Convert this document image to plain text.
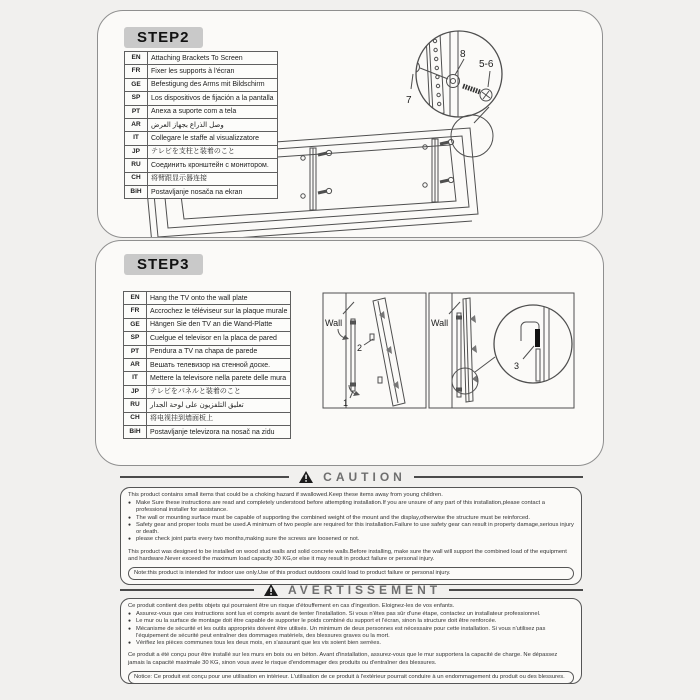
7
8
5-6
STEP2
EN	Attaching Brackets To Screen
FR	Fixer les supports à l'écran
GE	Befestigung des Arms mit Bildschirm
SP	Los dispositivos de fijación a la pantalla
PT	Anexa a suporte com a tela
AR	وصل الذراع بجهاز العرض
IT	Collegare le staffe al visualizzatore
JP	テレビを支柱と装着のこと
RU	Соединить кронштейн с монитором.
CH	将臂跟显示器连接
BiH	Postavljanje nosača na ekran
Wall	Wall
1
2
3
STEP3
EN	Hang the TV onto the wall plate
FR	Accrochez le téléviseur sur la plaque murale
GE	Hängen Sie den TV an die Wand-Platte
SP	Cuelgue el televisor en la placa de pared
PT	Pendura a TV na chapa de parede
AR	Вешать телевизор на стенной доске.
IT	Mettere la televisore nella parete delle mura
JP	テレビをパネルと装着のこと
RU	تعليق التلفزيون على لوحة الجدار
CH	将电视挂到墙面板上
BiH	Postavljanje televizora na nosač na zidu
CAUTION
This product contains small items that could be a choking hazard if swallowed.Keep these items away from young children.
● Make Sure these instructions are read and completely understood before attempting installation.If you are unsure of any part of this installation,please contact a professional installer for assistance.
● The wall or mounting surface must be capable of supporting the combined weight of the mount and the display,otherwise the structure must be reinforced.
● Safety gear and proper tools must be used.A minimum of two people are required for this installation.Failure to use safety gear can result in property damage,serious injury or death.
● please check joint parts every two months,making sure the screws are loosened or not.
This product was designed to be installed on wood stud walls and solid concrete walls.Before installing, make sure the wall will support the combined load of the equipment and hardware.Never exceed the maximum load capacity 30 KG,or else it may result in product failure or personal injury.
Note:this product is intended for indoor use only.Use of this product outdoors could load to product failure or personal injury.
AVERTISSEMENT
Ce produit contient des petits objets qui pourraient être un risque d'étouffement en cas d'ingestion. Eloignez-les de vos enfants.
● Assurez-vous que ces instructions sont lus et compris avant de tenter l'installation. Si vous n'êtes pas sûr d'une étape, contactez un installateur professionnel.
● Le mur ou la surface de montage doit être capable de supporter le poids combiné du support et l'écran, sinon la structure doit être renforcée.
● Mécanisme de sécurité et les outils appropriés doivent être utilisés. Un minimum de deux personnes est nécessaire pour cette installation. Si vous n'utilisez pas l'équipement de sécurité peut entraîner des dommages matériels, des blessures graves ou la mort.
● Vérifiez les pièces communes tous les deux mois, en s'assurant que les vis soient bien serrées.
Ce produit a été conçu pour être installé sur les murs en bois ou en béton. Avant d'installation, assurez-vous que le mur supportera la capacité de charge. Ne dépassez jamais la capacité maximale 30 KG, sinon vous avez le risque d'endommager des produits ou d'entraîner des blessures.
Notice: Ce produit est conçu pour une utilisation en intérieur. L'utilisation de ce produit à l'extérieur pourrait conduire à un endommagement du produit ou des blessures.
